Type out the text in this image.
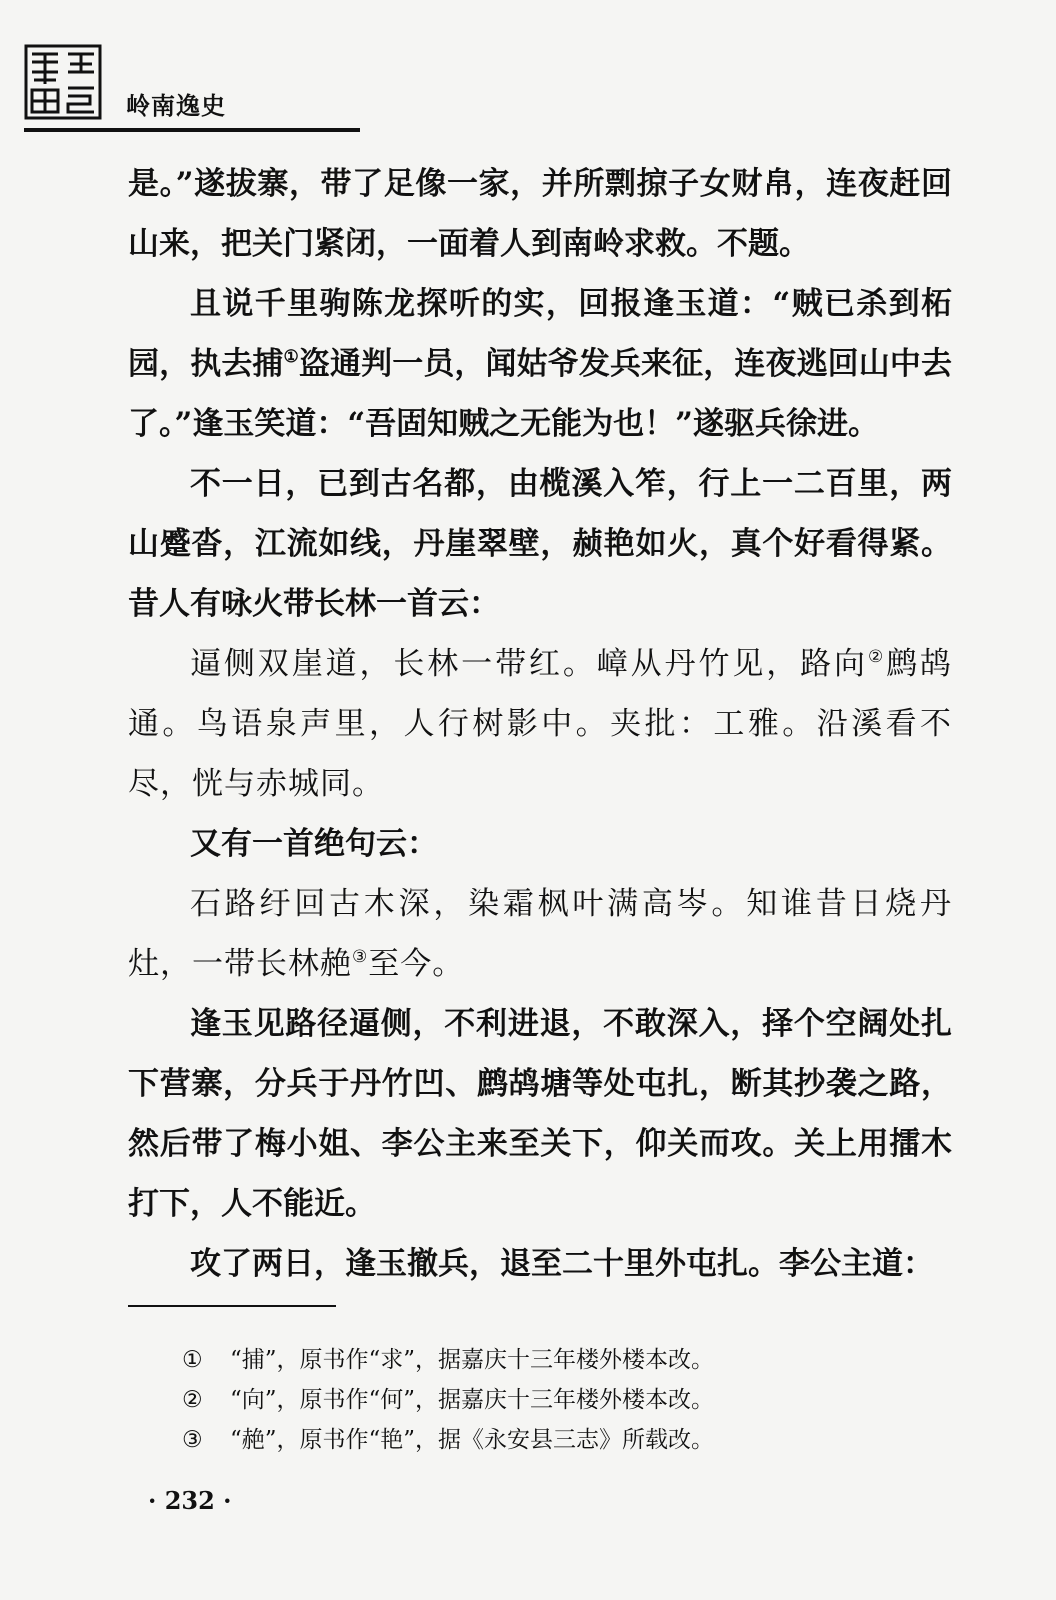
岭南逸史

是。”遂拔寨，带了足像一家，并所剽掠子女财帛，连夜赶回山来，把关门紧闭，一面着人到南岭求救。不题。

且说千里驹陈龙探听的实，回报逢玉道：“贼已杀到柘园，执去捕①盗通判一员，闻姑爷发兵来征，连夜逃回山中去了。”逢玉笑道：“吾固知贼之无能为也！”遂驱兵徐进。

不一日，已到古名都，由榄溪入笮，行上一二百里，两山蹙沓，江流如线，丹崖翠壁，赪艳如火，真个好看得紧。昔人有咏火带长林一首云：

逼侧双崖道，长林一带红。嶂从丹竹见，路向②鹧鸪通。鸟语泉声里，人行树影中。夹批：工雅。沿溪看不尽，恍与赤城同。

又有一首绝句云：

石路纡回古木深，染霜枫叶满高岑。知谁昔日烧丹灶，一带长林赩③至今。

逢玉见路径逼侧，不利进退，不敢深入，择个空阔处扎下营寨，分兵于丹竹凹、鹧鸪塘等处屯扎，断其抄袭之路，然后带了梅小姐、李公主来至关下，仰关而攻。关上用擂木打下，人不能近。

攻了两日，逢玉撤兵，退至二十里外屯扎。李公主道：

① “捕”，原书作“求”，据嘉庆十三年楼外楼本改。
② “向”，原书作“何”，据嘉庆十三年楼外楼本改。
③ “赩”，原书作“艳”，据《永安县三志》所载改。
· 232 ·
